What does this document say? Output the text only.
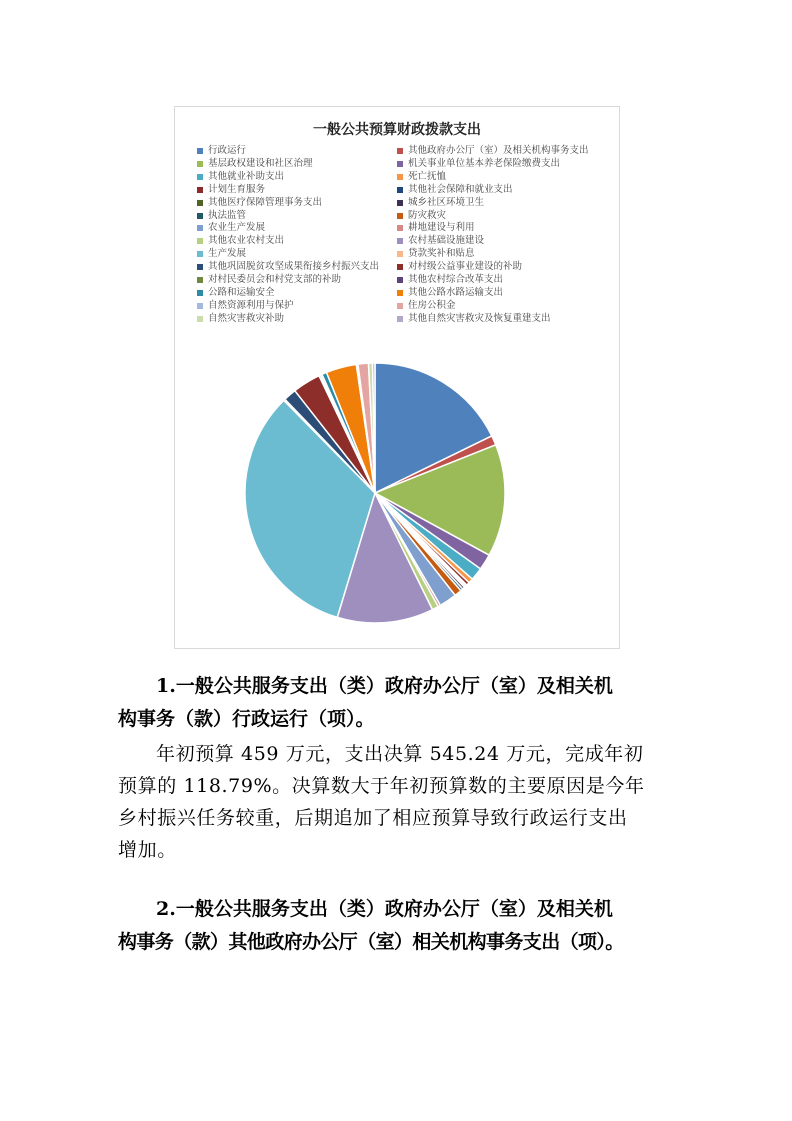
一般公共预算财政拨款支出
行政运行	其他政府办公厅（室）及相关机构事务支出
基层政权建设和社区治理	机关事业单位基本养老保险缴费支出
其他就业补助支出	死亡抚恤
计划生育服务	其他社会保障和就业支出
其他医疗保障管理事务支出	城乡社区环境卫生
执法监管	防灾救灾
农业生产发展	耕地建设与利用
其他农业农村支出	农村基础设施建设
生产发展	贷款奖补和贴息
其他巩固脱贫攻坚成果衔接乡村振兴支出	对村级公益事业建设的补助
对村民委员会和村党支部的补助	其他农村综合改革支出
公路和运输安全	其他公路水路运输支出
自然资源利用与保护	住房公积金
自然灾害救灾补助	其他自然灾害救灾及恢复重建支出
1.一般公共服务支出（类）政府办公厅（室）及相关机
构事务（款）行政运行（项）。
年初预算 459 万元，支出决算 545.24 万元，完成年初
预算的 118.79%。决算数大于年初预算数的主要原因是今年
乡村振兴任务较重，后期追加了相应预算导致行政运行支出
增加。
2.一般公共服务支出（类）政府办公厅（室）及相关机
构事务（款）其他政府办公厅（室）相关机构事务支出（项）。
